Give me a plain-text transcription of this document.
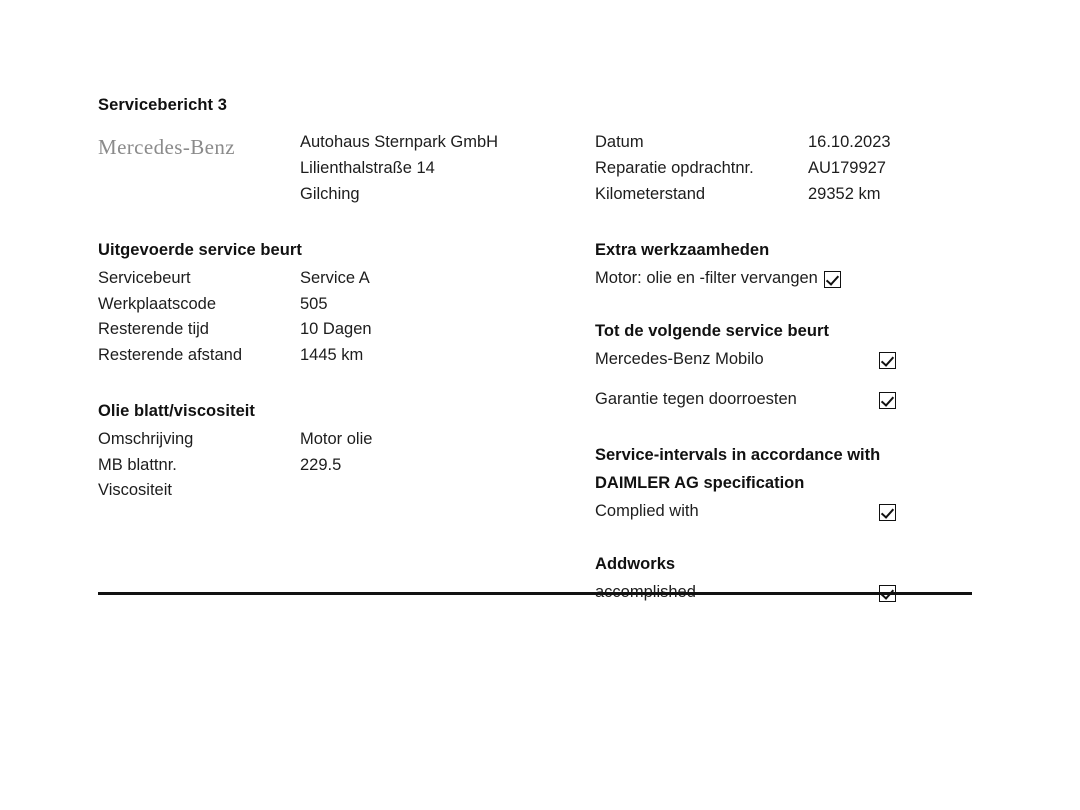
Servicebericht 3
Mercedes-Benz	Autohaus Sternpark GmbH
Lilienthalstraße 14
Gilching
Datum	16.10.2023
Reparatie opdrachtnr.	AU179927
Kilometerstand	29352 km
Uitgevoerde service beurt
Servicebeurt	Service A
Werkplaatscode	505
Resterende tijd	10 Dagen
Resterende afstand	1445 km
Olie blatt/viscositeit
Omschrijving	Motor olie
MB blattnr.	229.5
Viscositeit
Extra werkzaamheden
Motor: olie en -filter vervangen
Tot de volgende service beurt
Mercedes-Benz Mobilo
Garantie tegen doorroesten
Service-intervals in accordance with
DAIMLER AG specification
Complied with
Addworks
